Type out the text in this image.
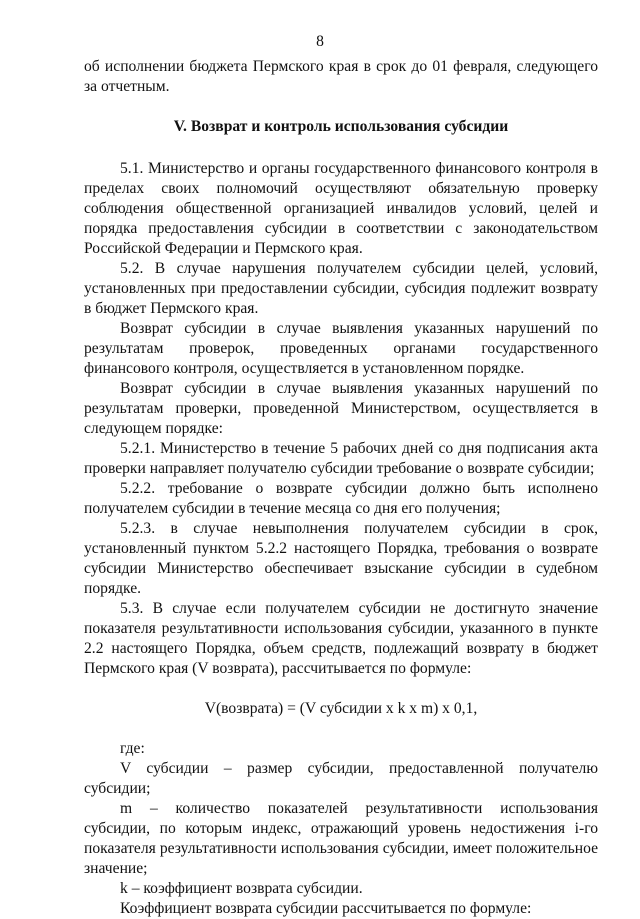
8

об исполнении бюджета Пермского края в срок до 01 февраля, следующего за отчетным.

V. Возврат и контроль использования субсидии

5.1. Министерство и органы государственного финансового контроля в пределах своих полномочий осуществляют обязательную проверку соблюдения общественной организацией инвалидов условий, целей и порядка предоставления субсидии в соответствии с законодательством Российской Федерации и Пермского края.

5.2. В случае нарушения получателем субсидии целей, условий, установленных при предоставлении субсидии, субсидия подлежит возврату в бюджет Пермского края.

Возврат субсидии в случае выявления указанных нарушений по результатам проверок, проведенных органами государственного финансового контроля, осуществляется в установленном порядке.

Возврат субсидии в случае выявления указанных нарушений по результатам проверки, проведенной Министерством, осуществляется в следующем порядке:

5.2.1. Министерство в течение 5 рабочих дней со дня подписания акта проверки направляет получателю субсидии требование о возврате субсидии;

5.2.2. требование о возврате субсидии должно быть исполнено получателем субсидии в течение месяца со дня его получения;

5.2.3. в случае невыполнения получателем субсидии в срок, установленный пунктом 5.2.2 настоящего Порядка, требования о возврате субсидии Министерство обеспечивает взыскание субсидии в судебном порядке.

5.3. В случае если получателем субсидии не достигнуто значение показателя результативности использования субсидии, указанного в пункте 2.2 настоящего Порядка, объем средств, подлежащий возврату в бюджет Пермского края (V возврата), рассчитывается по формуле:

V(возврата) = (V субсидии x k x m) x 0,1,

где:

V субсидии – размер субсидии, предоставленной получателю субсидии;

m – количество показателей результативности использования субсидии, по которым индекс, отражающий уровень недостижения i-го показателя результативности использования субсидии, имеет положительное значение;

k – коэффициент возврата субсидии.

Коэффициент возврата субсидии рассчитывается по формуле:
